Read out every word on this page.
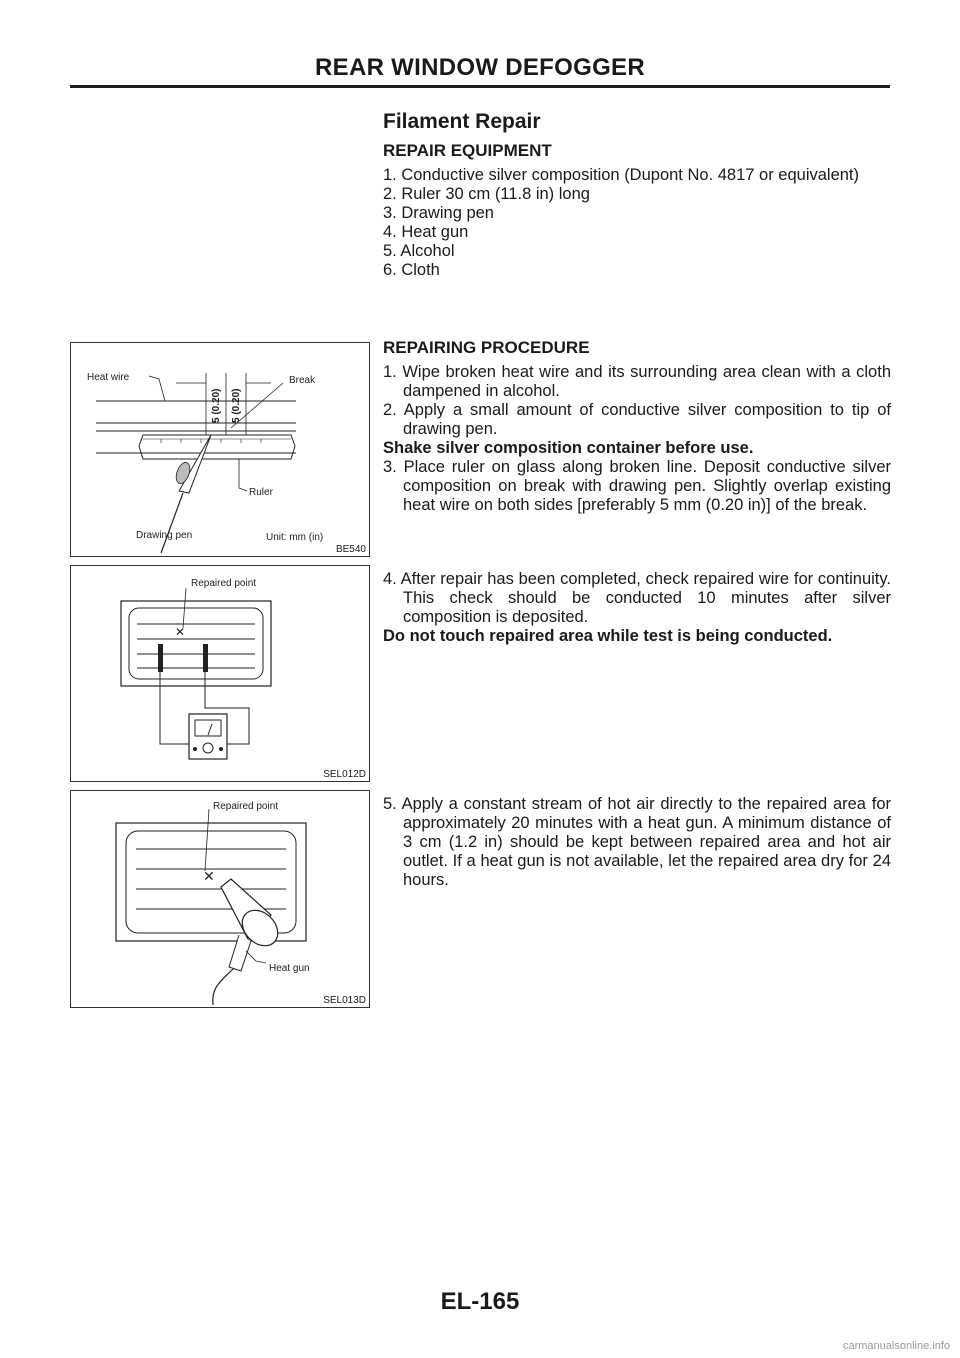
REAR WINDOW DEFOGGER
Filament Repair
REPAIR EQUIPMENT

1. Conductive silver composition (Dupont No. 4817 or equivalent)

2. Ruler 30 cm (11.8 in) long

3. Drawing pen

4. Heat gun

5. Alcohol

6. Cloth

REPAIRING PROCEDURE

1. Wipe broken heat wire and its surrounding area clean with a cloth dampened in alcohol.

2. Apply a small amount of conductive silver composition to tip of drawing pen.

Shake silver composition container before use.

3. Place ruler on glass along broken line. Deposit conductive silver composition on break with drawing pen. Slightly overlap existing heat wire on both sides [preferably 5 mm (0.20 in)] of the break.

4. After repair has been completed, check repaired wire for continuity. This check should be conducted 10 minutes after silver composition is deposited.

Do not touch repaired area while test is being conducted.

5. Apply a constant stream of hot air directly to the repaired area for approximately 20 minutes with a heat gun. A minimum distance of 3 cm (1.2 in) should be kept between repaired area and hot air outlet. If a heat gun is not available, let the repaired area dry for 24 hours.

Heat wire
5 (0.20) 5 (0.20)
Break
Ruler
Drawing pen	Unit: mm (in)
BE540
✕
Repaired point
SEL012D
✕
Repaired point
Heat gun
SEL013D
EL-165
carmanualsonline.info
